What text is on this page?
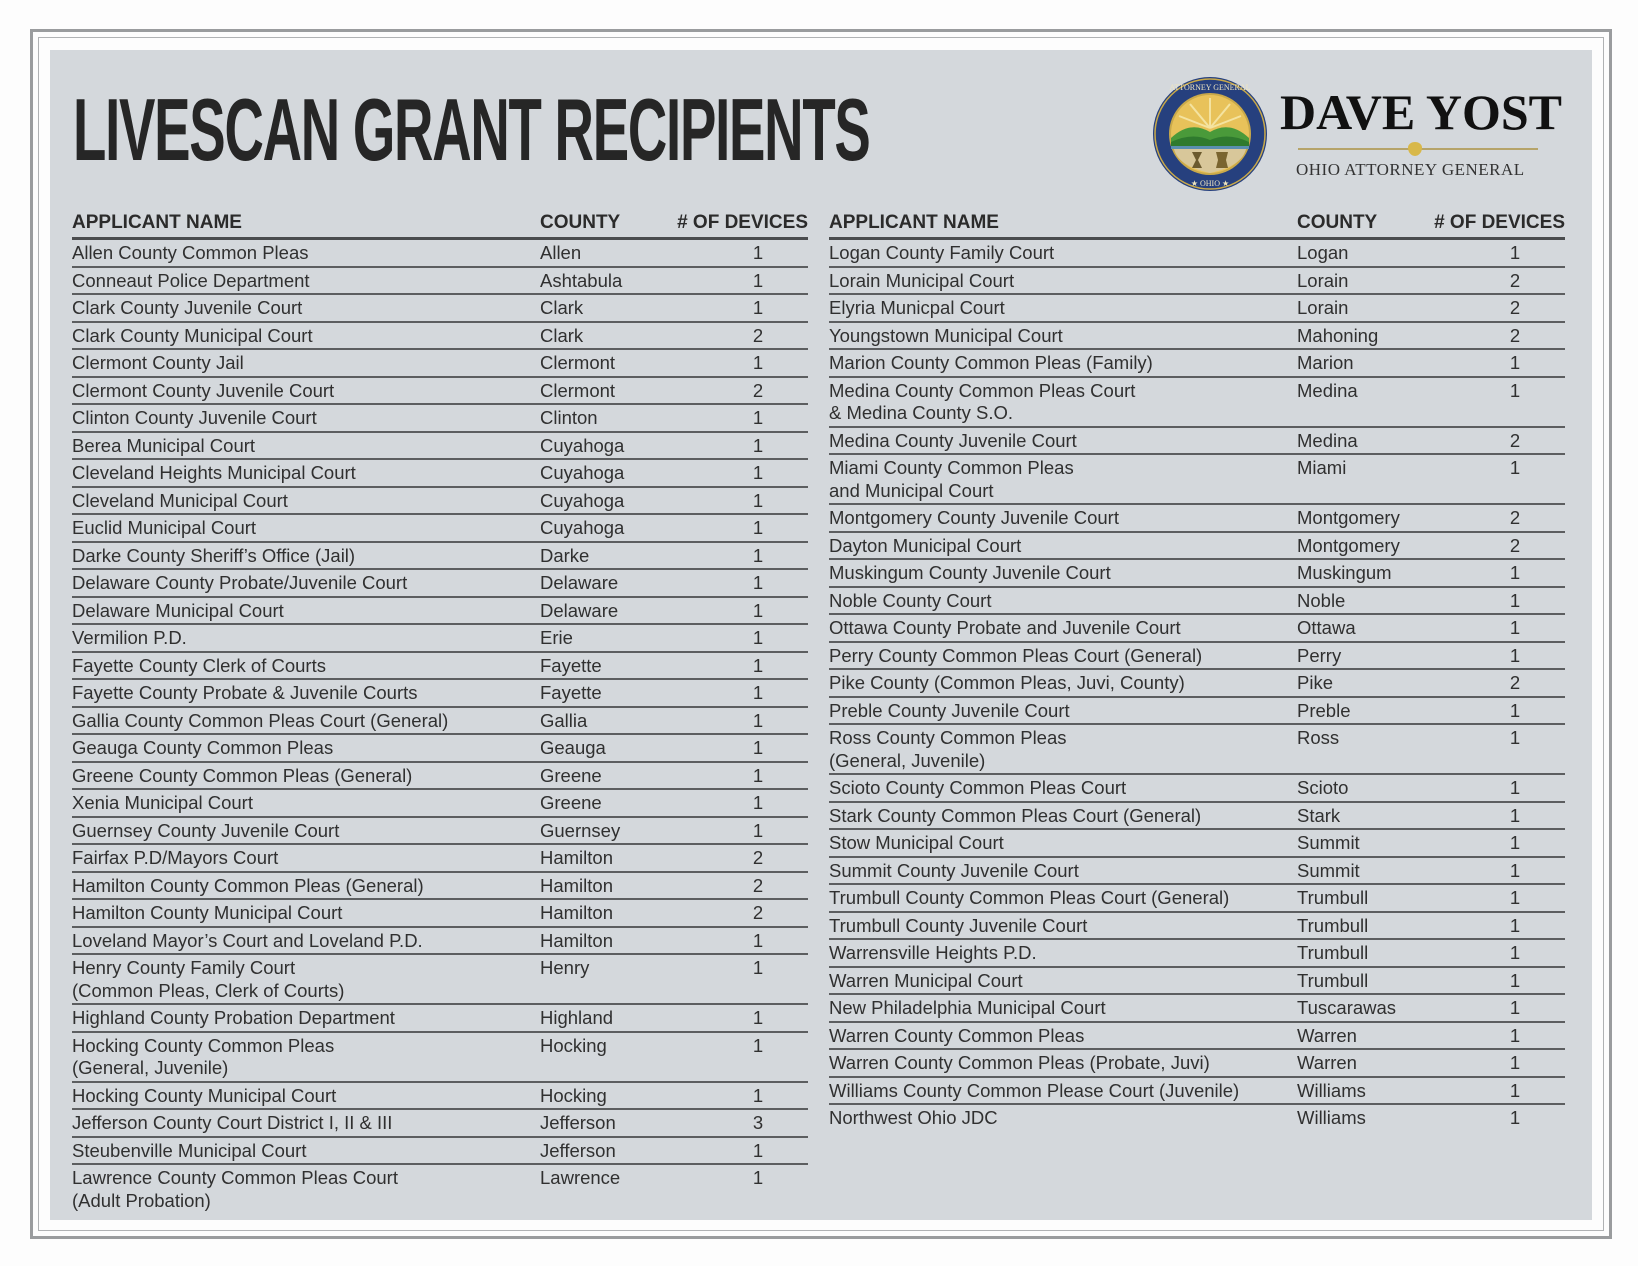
LIVESCAN GRANT RECIPIENTS	ATTORNEY GENERAL
★ OHIO ★
DAVE YOST
OHIO ATTORNEY GENERAL
APPLICANT NAME	COUNTY	# OF DEVICES

Allen County Common Pleas	Allen	1

Conneaut Police Department	Ashtabula	1

Clark County Juvenile Court	Clark	1

Clark County Municipal Court	Clark	2

Clermont County Jail	Clermont	1

Clermont County Juvenile Court	Clermont	2

Clinton County Juvenile Court	Clinton	1

Berea Municipal Court	Cuyahoga	1

Cleveland Heights Municipal Court	Cuyahoga	1

Cleveland Municipal Court	Cuyahoga	1

Euclid Municipal Court	Cuyahoga	1

Darke County Sheriff’s Office (Jail)	Darke	1

Delaware County Probate/Juvenile Court	Delaware	1

Delaware Municipal Court	Delaware	1

Vermilion P.D.	Erie	1

Fayette County Clerk of Courts	Fayette	1

Fayette County Probate & Juvenile Courts	Fayette	1

Gallia County Common Pleas Court (General)	Gallia	1

Geauga County Common Pleas	Geauga	1

Greene County Common Pleas (General)	Greene	1

Xenia Municipal Court	Greene	1

Guernsey County Juvenile Court	Guernsey	1

Fairfax P.D/Mayors Court	Hamilton	2

Hamilton County Common Pleas (General)	Hamilton	2

Hamilton County Municipal Court	Hamilton	2

Loveland Mayor’s Court and Loveland P.D.	Hamilton	1

Henry County Family Court
(Common Pleas, Clerk of Courts)	Henry	1

Highland County Probation Department	Highland	1

Hocking County Common Pleas
(General, Juvenile)	Hocking	1

Hocking County Municipal Court	Hocking	1

Jefferson County Court District I, II & III	Jefferson	3

Steubenville Municipal Court	Jefferson	1

Lawrence County Common Pleas Court
(Adult Probation)	Lawrence	1
APPLICANT NAME	COUNTY	# OF DEVICES

Logan County Family Court	Logan	1

Lorain Municipal Court	Lorain	2

Elyria Municpal Court	Lorain	2

Youngstown Municipal Court	Mahoning	2

Marion County Common Pleas (Family)	Marion	1

Medina County Common Pleas Court
& Medina County S.O.	Medina	1

Medina County Juvenile Court	Medina	2

Miami County Common Pleas
and Municipal Court	Miami	1

Montgomery County Juvenile Court	Montgomery	2

Dayton Municipal Court	Montgomery	2

Muskingum County Juvenile Court	Muskingum	1

Noble County Court	Noble	1

Ottawa County Probate and Juvenile Court	Ottawa	1

Perry County Common Pleas Court (General)	Perry	1

Pike County (Common Pleas, Juvi, County)	Pike	2

Preble County Juvenile Court	Preble	1

Ross County Common Pleas
(General, Juvenile)	Ross	1

Scioto County Common Pleas Court	Scioto	1

Stark County Common Pleas Court (General)	Stark	1

Stow Municipal Court	Summit	1

Summit County Juvenile Court	Summit	1

Trumbull County Common Pleas Court (General)	Trumbull	1

Trumbull County Juvenile Court	Trumbull	1

Warrensville Heights P.D.	Trumbull	1

Warren Municipal Court	Trumbull	1

New Philadelphia Municipal Court	Tuscarawas	1

Warren County Common Pleas	Warren	1

Warren County Common Pleas (Probate, Juvi)	Warren	1

Williams County Common Please Court (Juvenile)	Williams	1

Northwest Ohio JDC	Williams	1
